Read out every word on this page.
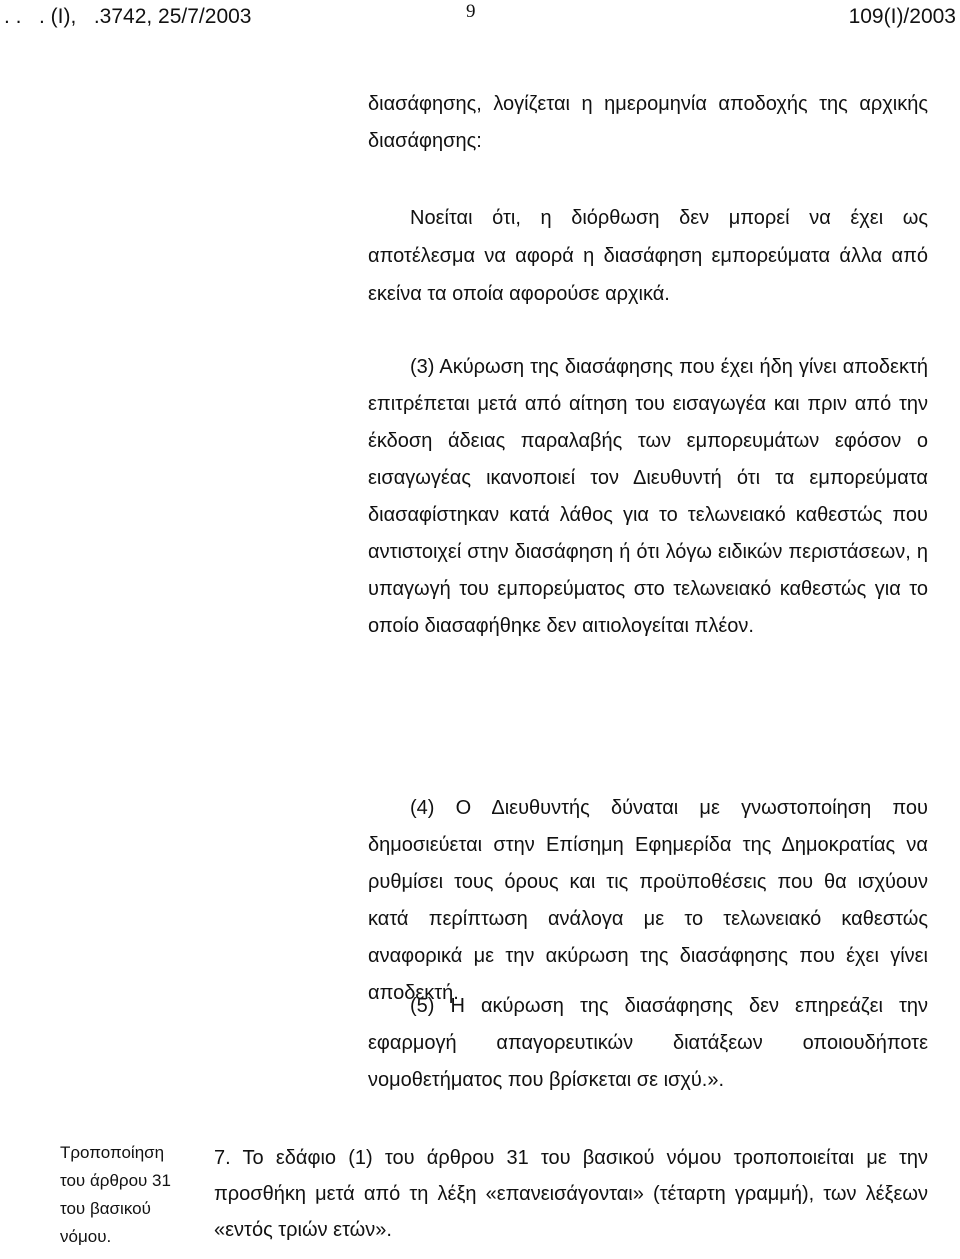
. .   . (Ι),   .3742, 25/7/2003	9	109(Ι)/2003

διασάφησης, λογίζεται η ημερομηνία αποδοχής της αρχικής διασάφησης:

Νοείται ότι, η διόρθωση δεν μπορεί να έχει ως αποτέλεσμα να αφορά η διασάφηση εμπορεύματα άλλα από εκείνα τα οποία αφορούσε αρχικά.

(3) Ακύρωση της διασάφησης που έχει ήδη γίνει αποδεκτή επιτρέπεται μετά από αίτηση του εισαγωγέα και πριν από την έκδοση άδειας παραλαβής των εμπορευμάτων εφόσον ο εισαγωγέας ικανοποιεί τον Διευθυντή ότι τα εμπορεύματα διασαφίστηκαν κατά λάθος για το τελωνειακό καθεστώς που αντιστοιχεί στην διασάφηση ή ότι λόγω ειδικών περιστάσεων, η υπαγωγή του εμπορεύματος στο τελωνειακό καθεστώς για το οποίο διασαφήθηκε δεν αιτιολογείται πλέον.

(4) Ο Διευθυντής δύναται με γνωστοποίηση που δημοσιεύεται στην Επίσημη Εφημερίδα της Δημοκρατίας να ρυθμίσει τους όρους και τις προϋποθέσεις που θα ισχύουν κατά περίπτωση ανάλογα με το τελωνειακό καθεστώς αναφορικά με την ακύρωση της διασάφησης που έχει γίνει αποδεκτή.

(5) Η ακύρωση της διασάφησης δεν επηρεάζει την εφαρμογή απαγορευτικών διατάξεων οποιουδήποτε νομοθετήματος που βρίσκεται σε ισχύ.».

Τροποποίηση του άρθρου 31 του βασικού νόμου.

7. Το εδάφιο (1) του άρθρου 31 του βασικού νόμου τροποποιείται με την προσθήκη μετά από τη λέξη «επανεισάγονται» (τέταρτη γραμμή), των λέξεων «εντός τριών ετών».
